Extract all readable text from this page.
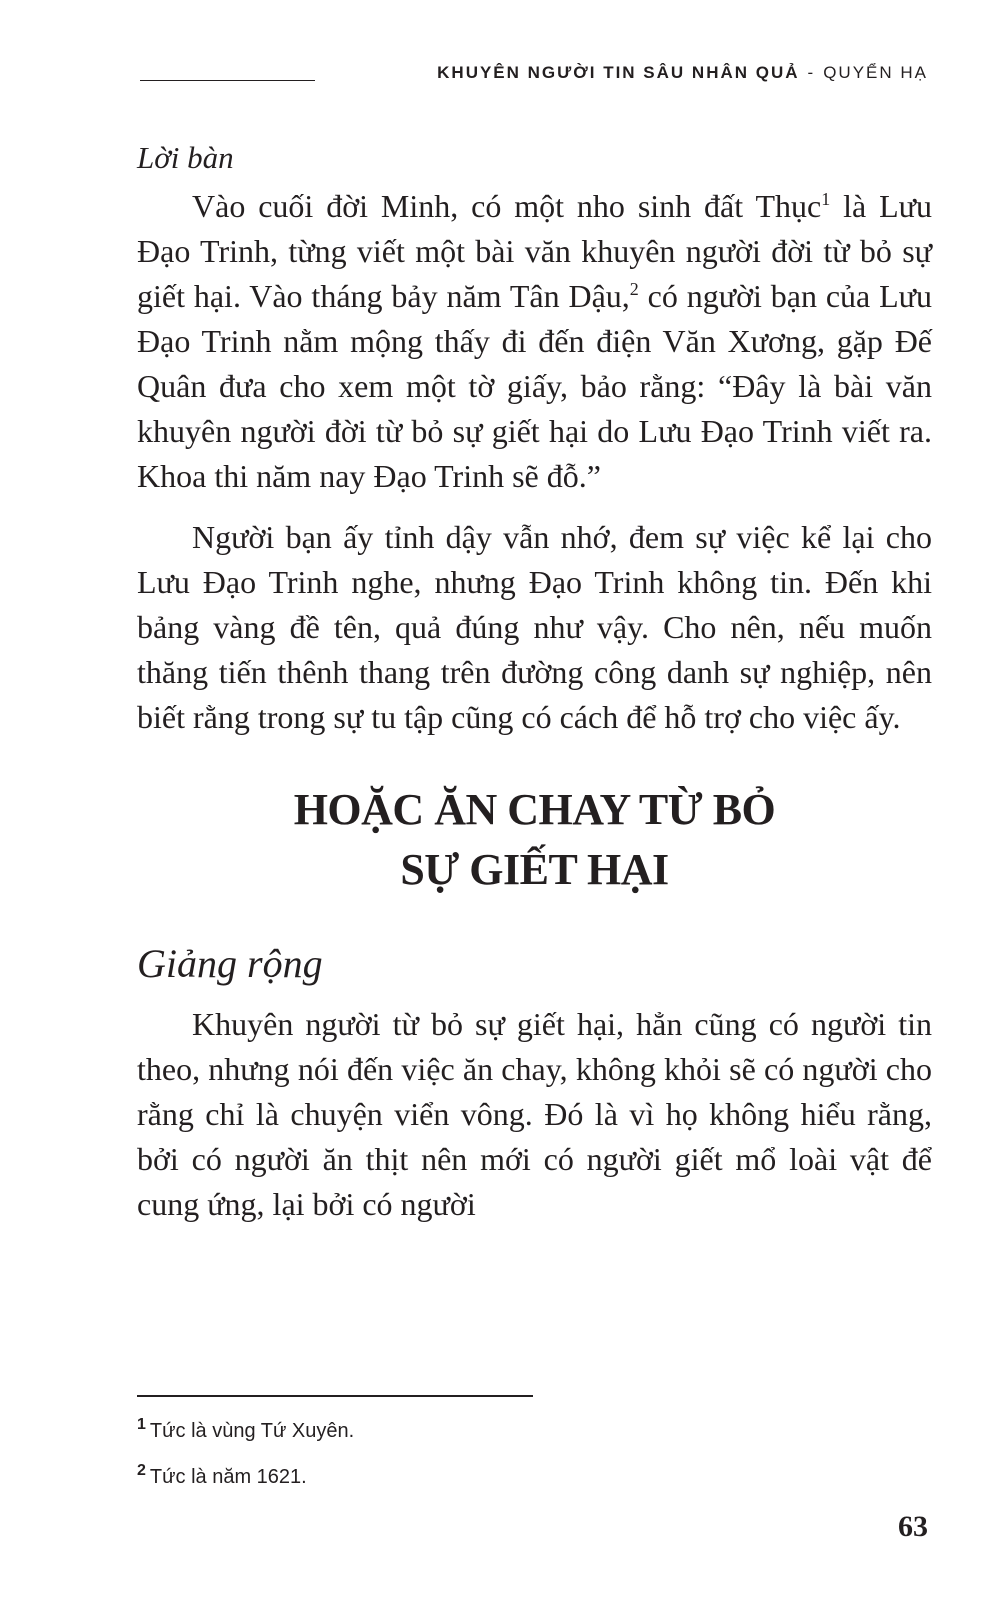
KHUYÊN NGƯỜI TIN SÂU NHÂN QUẢ - QUYỂN HẠ
Lời bàn

Vào cuối đời Minh, có một nho sinh đất Thục$^1$ là Lưu Đạo Trinh, từng viết một bài văn khuyên người đời từ bỏ sự giết hại. Vào tháng bảy năm Tân Dậu,$^2$ có người bạn của Lưu Đạo Trinh nằm mộng thấy đi đến điện Văn Xương, gặp Đế Quân đưa cho xem một tờ giấy, bảo rằng: “Đây là bài văn khuyên người đời từ bỏ sự giết hại do Lưu Đạo Trinh viết ra. Khoa thi năm nay Đạo Trinh sẽ đỗ.”

Người bạn ấy tỉnh dậy vẫn nhớ, đem sự việc kể lại cho Lưu Đạo Trinh nghe, nhưng Đạo Trinh không tin. Đến khi bảng vàng đề tên, quả đúng như vậy. Cho nên, nếu muốn thăng tiến thênh thang trên đường công danh sự nghiệp, nên biết rằng trong sự tu tập cũng có cách để hỗ trợ cho việc ấy.

HOẶC ĂN CHAY TỪ BỎ
SỰ GIẾT HẠI
Giảng rộng

Khuyên người từ bỏ sự giết hại, hẳn cũng có người tin theo, nhưng nói đến việc ăn chay, không khỏi sẽ có người cho rằng chỉ là chuyện viển vông. Đó là vì họ không hiểu rằng, bởi có người ăn thịt nên mới có người giết mổ loài vật để cung ứng, lại bởi có người

$^1$ Tức là vùng Tứ Xuyên.
$^2$ Tức là năm 1621.
63
